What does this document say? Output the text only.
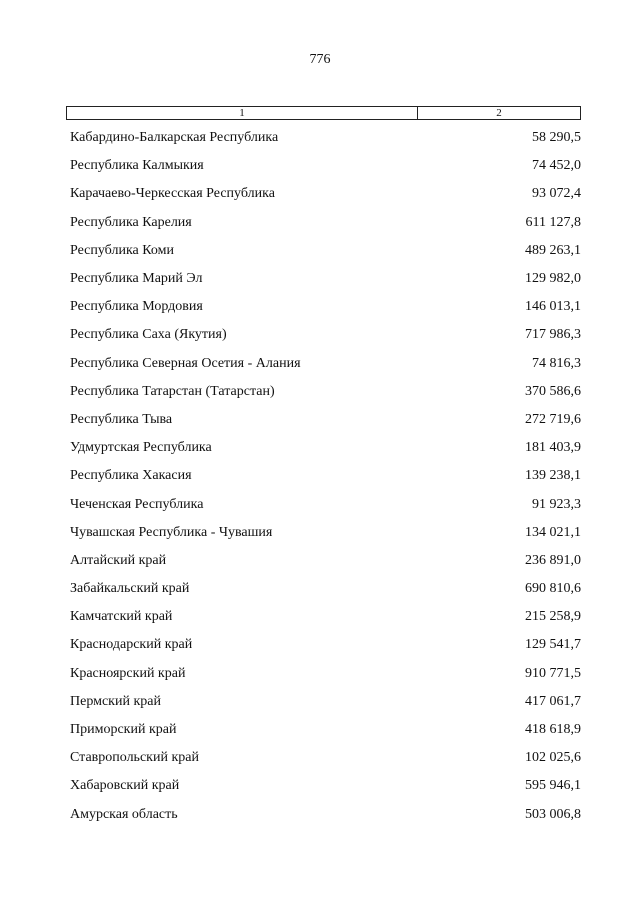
776
1	2
Кабардино-Балкарская Республика	58 290,5
Республика Калмыкия	74 452,0
Карачаево-Черкесская Республика	93 072,4
Республика Карелия	611 127,8
Республика Коми	489 263,1
Республика Марий Эл	129 982,0
Республика Мордовия	146 013,1
Республика Саха (Якутия)	717 986,3
Республика Северная Осетия - Алания	74 816,3
Республика Татарстан (Татарстан)	370 586,6
Республика Тыва	272 719,6
Удмуртская Республика	181 403,9
Республика Хакасия	139 238,1
Чеченская Республика	91 923,3
Чувашская Республика - Чувашия	134 021,1
Алтайский край	236 891,0
Забайкальский край	690 810,6
Камчатский край	215 258,9
Краснодарский край	129 541,7
Красноярский край	910 771,5
Пермский край	417 061,7
Приморский край	418 618,9
Ставропольский край	102 025,6
Хабаровский край	595 946,1
Амурская область	503 006,8
